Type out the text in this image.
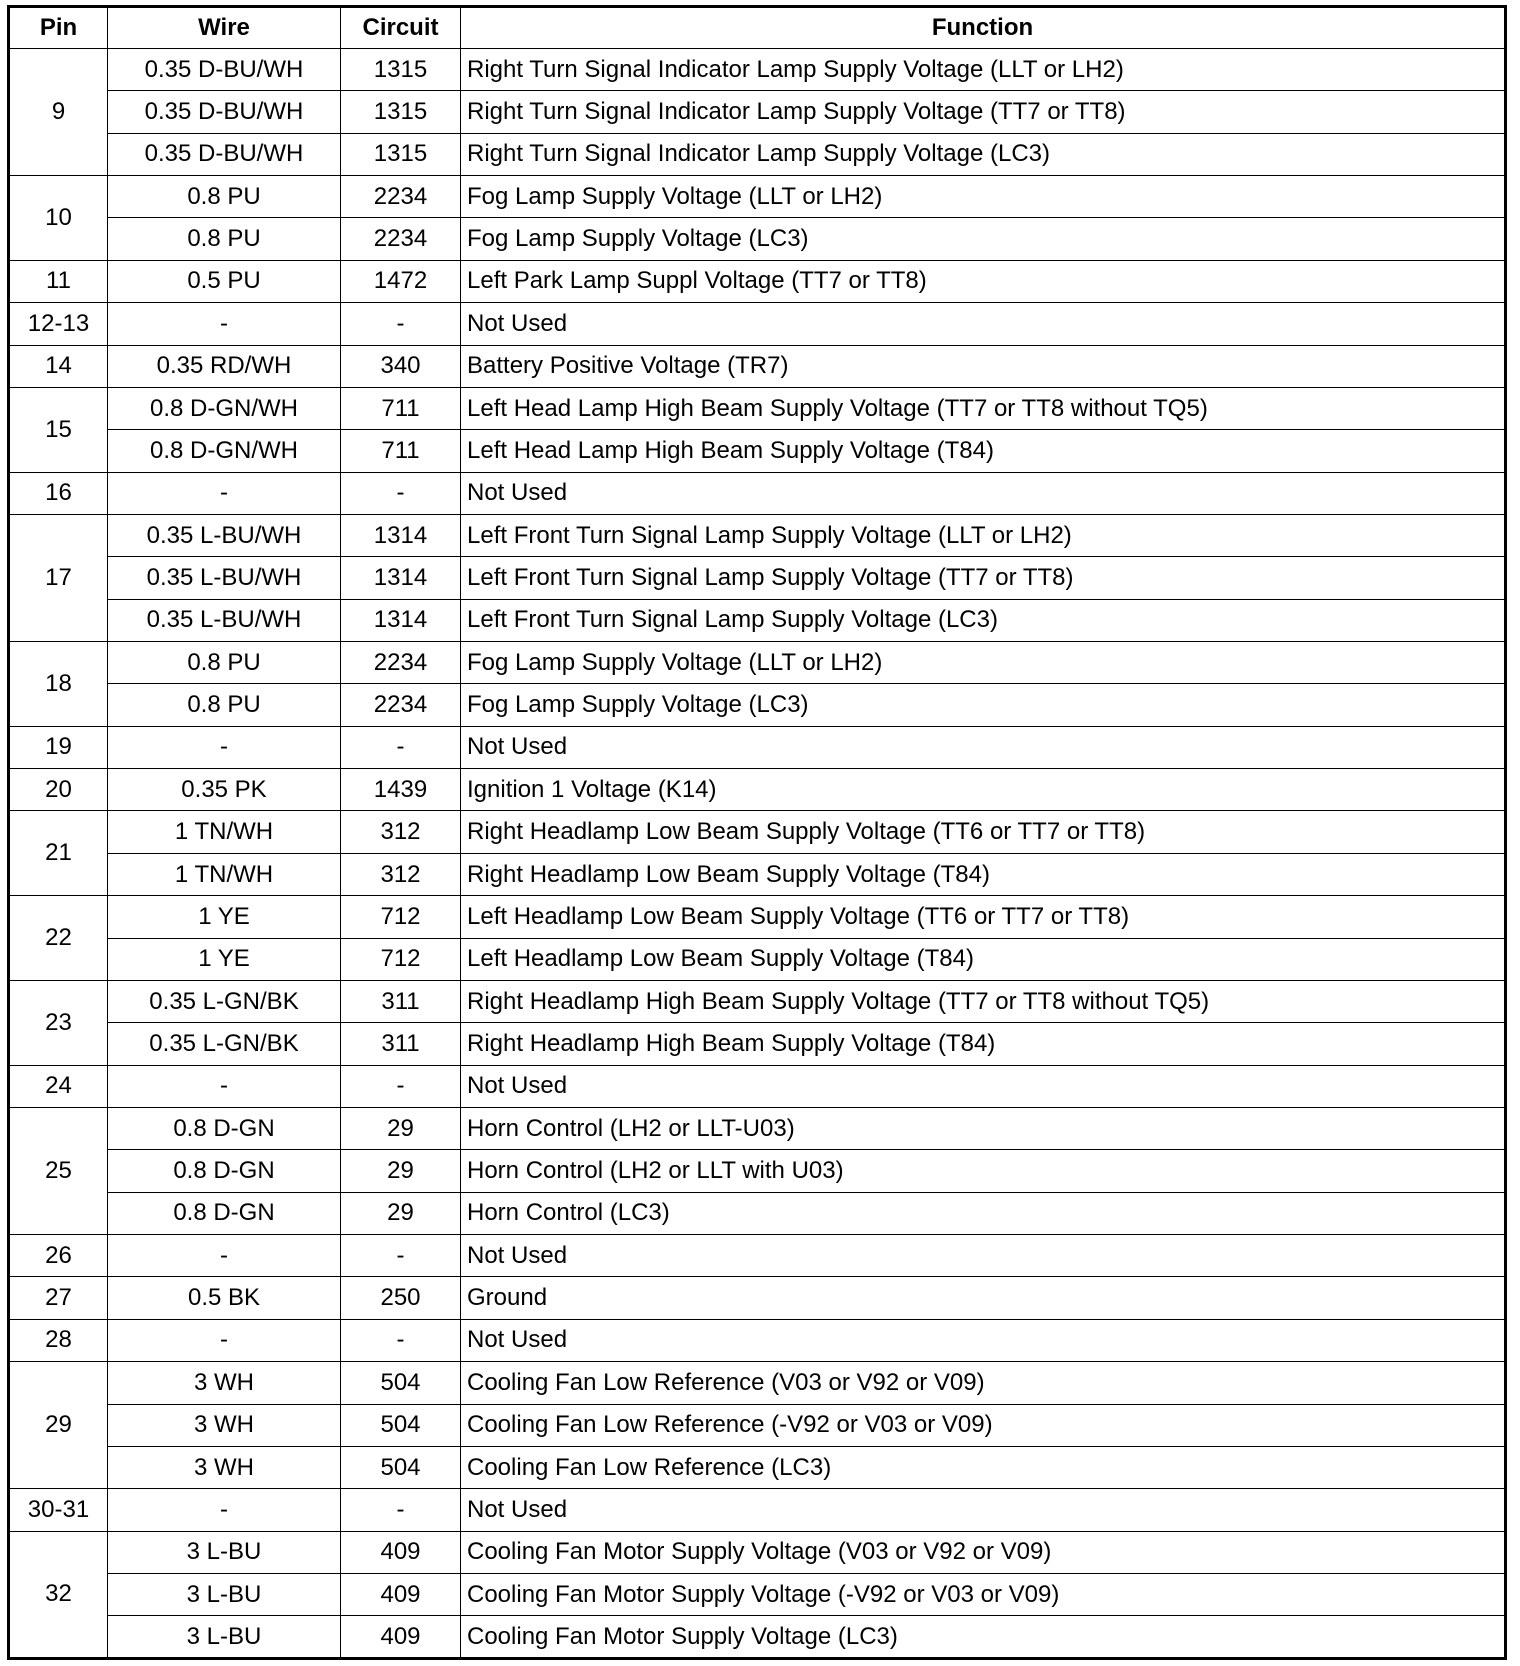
Pin	Wire	Circuit	Function
9	0.35 D-BU/WH	1315	Right Turn Signal Indicator Lamp Supply Voltage (LLT or LH2)
	0.35 D-BU/WH	1315	Right Turn Signal Indicator Lamp Supply Voltage (TT7 or TT8)
	0.35 D-BU/WH	1315	Right Turn Signal Indicator Lamp Supply Voltage (LC3)
10	0.8 PU	2234	Fog Lamp Supply Voltage (LLT or LH2)
	0.8 PU	2234	Fog Lamp Supply Voltage (LC3)
11	0.5 PU	1472	Left Park Lamp Suppl Voltage (TT7 or TT8)
12-13	-	-	Not Used
14	0.35 RD/WH	340	Battery Positive Voltage (TR7)
15	0.8 D-GN/WH	711	Left Head Lamp High Beam Supply Voltage (TT7 or TT8 without TQ5)
	0.8 D-GN/WH	711	Left Head Lamp High Beam Supply Voltage (T84)
16	-	-	Not Used
17	0.35 L-BU/WH	1314	Left Front Turn Signal Lamp Supply Voltage (LLT or LH2)
	0.35 L-BU/WH	1314	Left Front Turn Signal Lamp Supply Voltage (TT7 or TT8)
	0.35 L-BU/WH	1314	Left Front Turn Signal Lamp Supply Voltage (LC3)
18	0.8 PU	2234	Fog Lamp Supply Voltage (LLT or LH2)
	0.8 PU	2234	Fog Lamp Supply Voltage (LC3)
19	-	-	Not Used
20	0.35 PK	1439	Ignition 1 Voltage (K14)
21	1 TN/WH	312	Right Headlamp Low Beam Supply Voltage (TT6 or TT7 or TT8)
	1 TN/WH	312	Right Headlamp Low Beam Supply Voltage (T84)
22	1 YE	712	Left Headlamp Low Beam Supply Voltage (TT6 or TT7 or TT8)
	1 YE	712	Left Headlamp Low Beam Supply Voltage (T84)
23	0.35 L-GN/BK	311	Right Headlamp High Beam Supply Voltage (TT7 or TT8 without TQ5)
	0.35 L-GN/BK	311	Right Headlamp High Beam Supply Voltage (T84)
24	-	-	Not Used
25	0.8 D-GN	29	Horn Control (LH2 or LLT-U03)
	0.8 D-GN	29	Horn Control (LH2 or LLT with U03)
	0.8 D-GN	29	Horn Control (LC3)
26	-	-	Not Used
27	0.5 BK	250	Ground
28	-	-	Not Used
29	3 WH	504	Cooling Fan Low Reference (V03 or V92 or V09)
	3 WH	504	Cooling Fan Low Reference (-V92 or V03 or V09)
	3 WH	504	Cooling Fan Low Reference (LC3)
30-31	-	-	Not Used
32	3 L-BU	409	Cooling Fan Motor Supply Voltage (V03 or V92 or V09)
	3 L-BU	409	Cooling Fan Motor Supply Voltage (-V92 or V03 or V09)
	3 L-BU	409	Cooling Fan Motor Supply Voltage (LC3)
